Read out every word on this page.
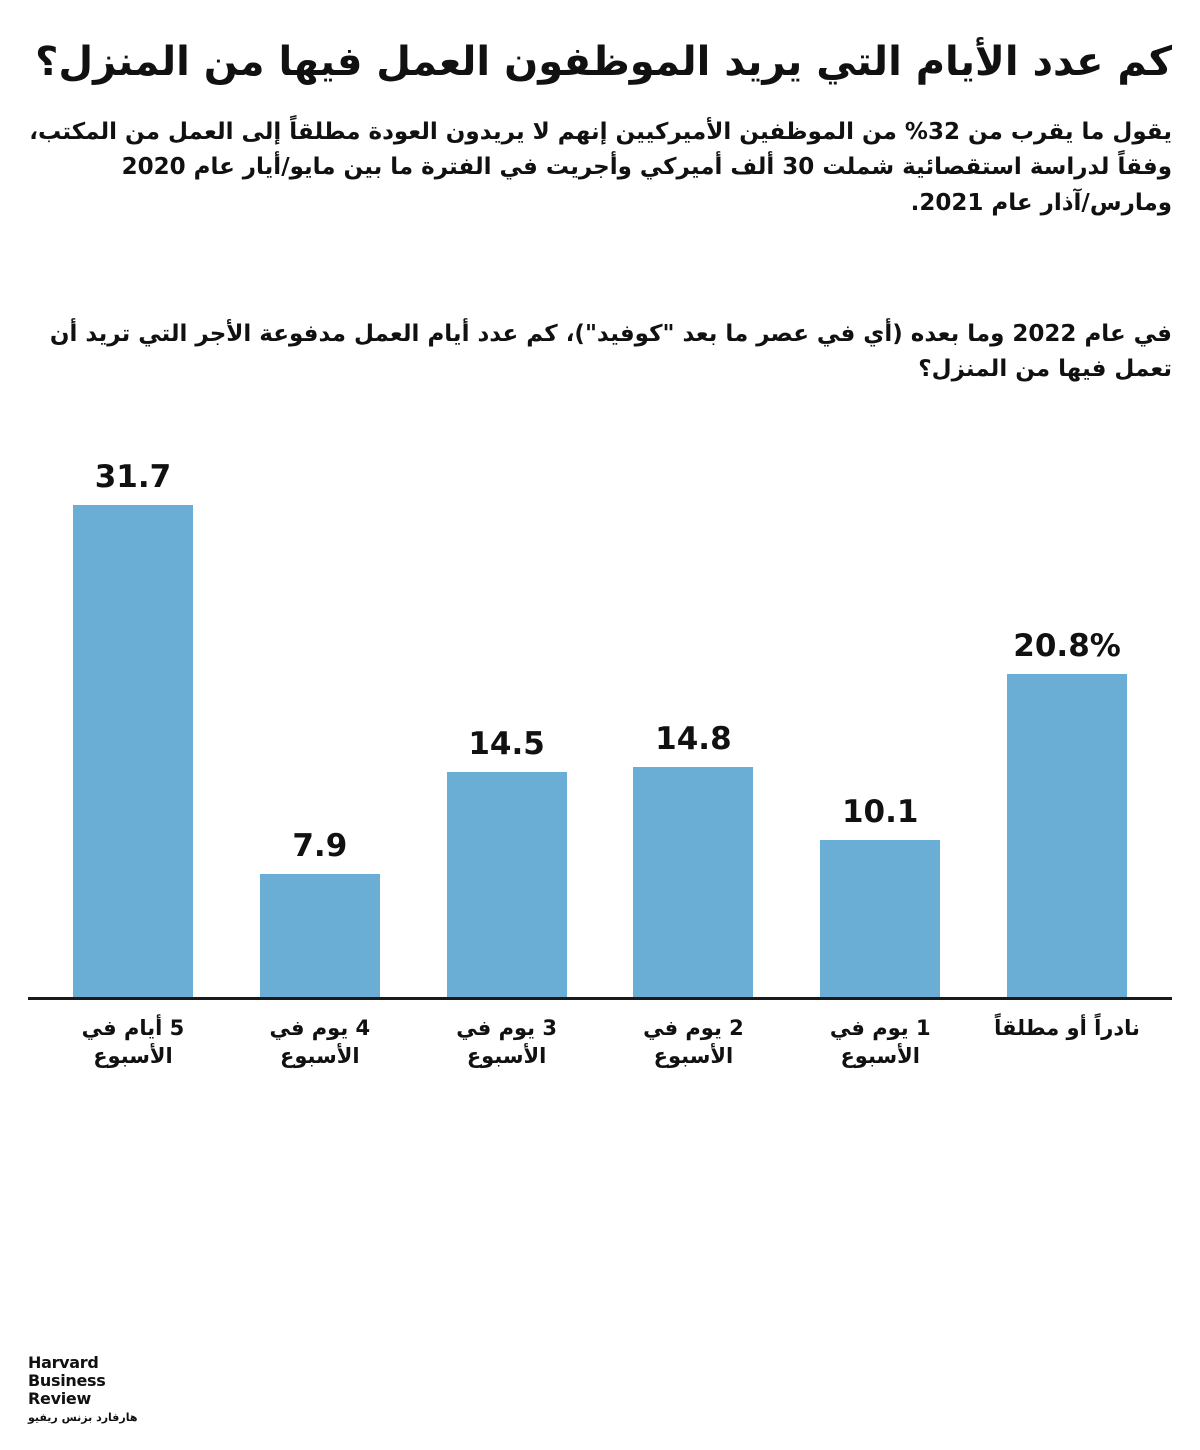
كم عدد الأيام التي يريد الموظفون العمل فيها من المنزل؟

يقول ما يقرب من 32% من الموظفين الأميركيين إنهم لا يريدون العودة مطلقاً إلى العمل من المكتب، وفقاً لدراسة استقصائية شملت 30 ألف أميركي وأجريت في الفترة ما بين مايو/أيار عام 2020 ومارس/آذار عام 2021.

في عام 2022 وما بعده (أي في عصر ما بعد "كوفيد")، كم عدد أيام العمل مدفوعة الأجر التي تريد أن تعمل فيها من المنزل؟

20.8%
10.1
14.8
14.5
7.9
31.7
نادراً أو مطلقاً
1 يوم في الأسبوع
2 يوم في الأسبوع
3 يوم في الأسبوع
4 يوم في الأسبوع
5 أيام في الأسبوع
Harvard
Business
Review
هارفارد بزنس ريفيو
